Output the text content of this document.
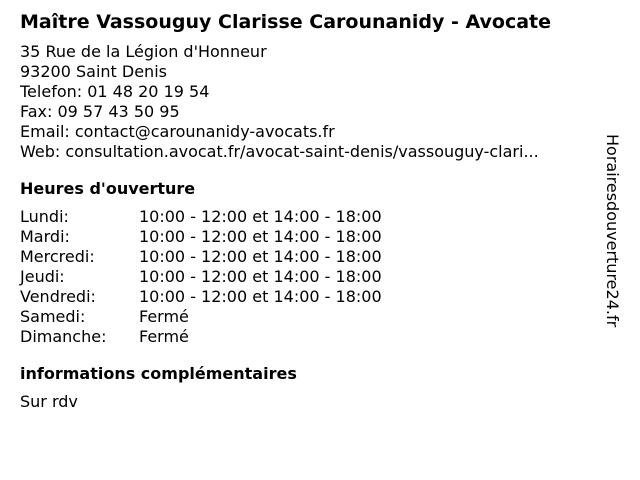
Maître Vassouguy Clarisse Carounanidy - Avocate
35 Rue de la Légion d'Honneur
93200 Saint Denis
Telefon: 01 48 20 19 54
Fax: 09 57 43 50 95
Email: contact@carounanidy-avocats.fr
Web: consultation.avocat.fr/avocat-saint-denis/vassouguy-clari...
Heures d'ouverture
Lundi:	10:00 - 12:00 et 14:00 - 18:00
Mardi:	10:00 - 12:00 et 14:00 - 18:00
Mercredi:	10:00 - 12:00 et 14:00 - 18:00
Jeudi:	10:00 - 12:00 et 14:00 - 18:00
Vendredi:	10:00 - 12:00 et 14:00 - 18:00
Samedi:	Fermé
Dimanche:	Fermé
informations complémentaires
Sur rdv
Horairesdouverture24.fr
